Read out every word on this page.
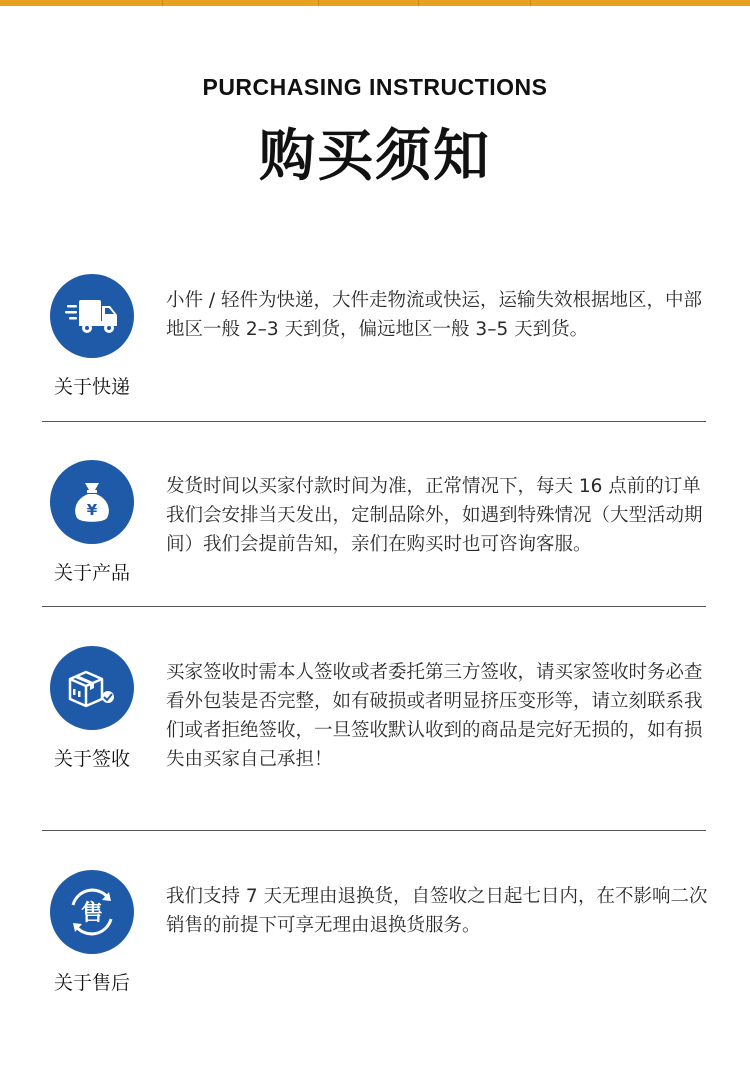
PURCHASING INSTRUCTIONS
购买须知
关于快递
小件 / 轻件为快递，大件走物流或快运，运输失效根据地区，中部地区一般 2–3 天到货，偏远地区一般 3–5 天到货。
¥
关于产品
发货时间以买家付款时间为准，正常情况下，每天 16 点前的订单我们会安排当天发出，定制品除外，如遇到特殊情况（大型活动期间）我们会提前告知，亲们在购买时也可咨询客服。
关于签收
买家签收时需本人签收或者委托第三方签收，请买家签收时务必查看外包装是否完整，如有破损或者明显挤压变形等，请立刻联系我们或者拒绝签收，一旦签收默认收到的商品是完好无损的，如有损失由买家自己承担！
售
关于售后
我们支持 7 天无理由退换货，自签收之日起七日内，在不影响二次销售的前提下可享无理由退换货服务。
